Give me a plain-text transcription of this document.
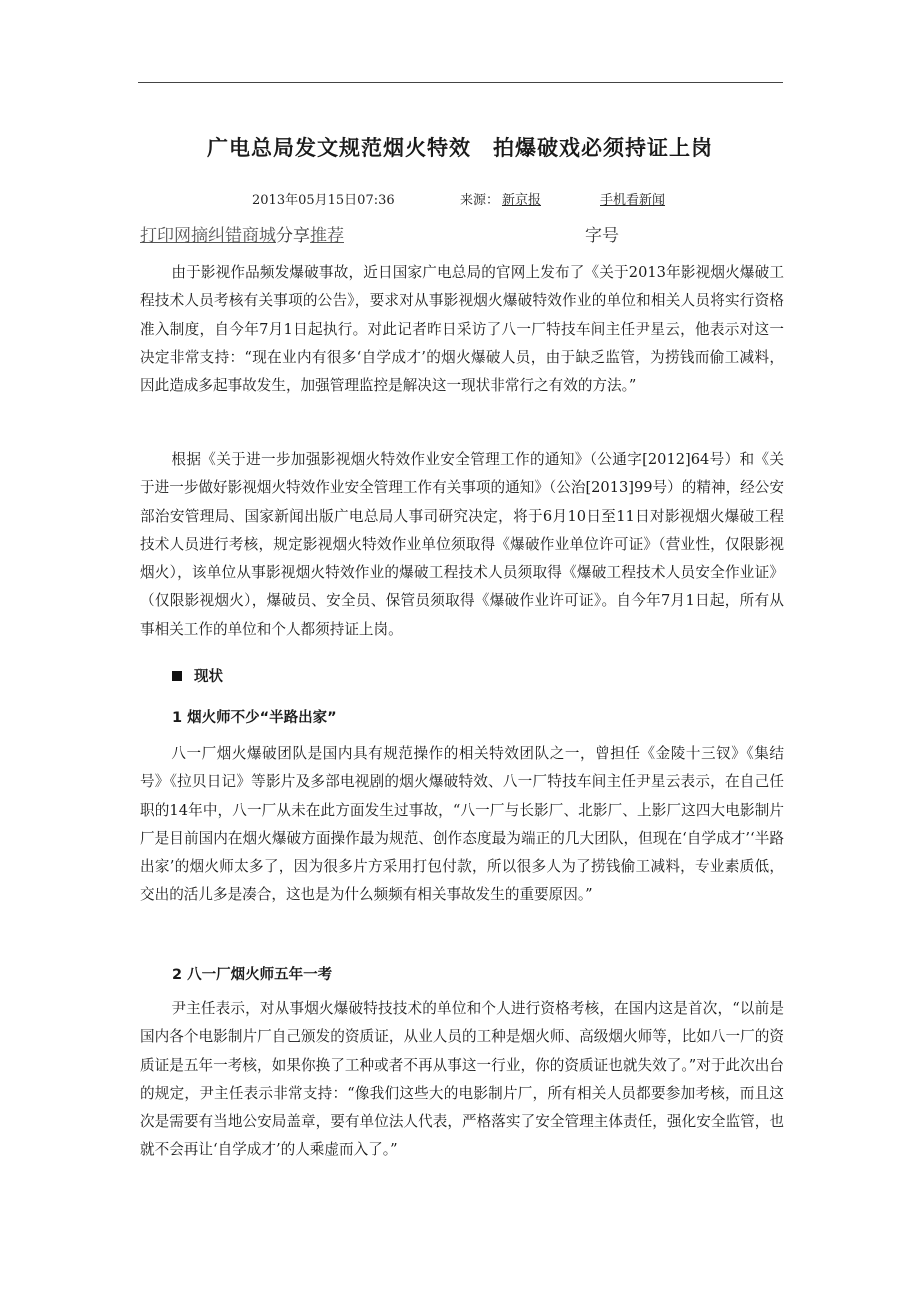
广电总局发文规范烟火特效　拍爆破戏必须持证上岗
2013年05月15日07:36	来源： 新京报	手机看新闻
打印网摘纠错商城分享推荐	字号

由于影视作品频发爆破事故，近日国家广电总局的官网上发布了《关于2013年影视烟火爆破工程技术人员考核有关事项的公告》，要求对从事影视烟火爆破特效作业的单位和相关人员将实行资格准入制度，自今年7月1日起执行。对此记者昨日采访了八一厂特技车间主任尹星云，他表示对这一决定非常支持：“现在业内有很多‘自学成才’的烟火爆破人员，由于缺乏监管，为捞钱而偷工减料，因此造成多起事故发生，加强管理监控是解决这一现状非常行之有效的方法。”

根据《关于进一步加强影视烟火特效作业安全管理工作的通知》（公通字[2012]64号）和《关于进一步做好影视烟火特效作业安全管理工作有关事项的通知》（公治[2013]99号）的精神，经公安部治安管理局、国家新闻出版广电总局人事司研究决定，将于6月10日至11日对影视烟火爆破工程技术人员进行考核，规定影视烟火特效作业单位须取得《爆破作业单位许可证》（营业性，仅限影视烟火），该单位从事影视烟火特效作业的爆破工程技术人员须取得《爆破工程技术人员安全作业证》（仅限影视烟火），爆破员、安全员、保管员须取得《爆破作业许可证》。自今年7月1日起，所有从事相关工作的单位和个人都须持证上岗。

现状

1 烟火师不少“半路出家”

八一厂烟火爆破团队是国内具有规范操作的相关特效团队之一，曾担任《金陵十三钗》《集结号》《拉贝日记》等影片及多部电视剧的烟火爆破特效、八一厂特技车间主任尹星云表示，在自己任职的14年中，八一厂从未在此方面发生过事故，“八一厂与长影厂、北影厂、上影厂这四大电影制片厂是目前国内在烟火爆破方面操作最为规范、创作态度最为端正的几大团队，但现在‘自学成才’‘半路出家’的烟火师太多了，因为很多片方采用打包付款，所以很多人为了捞钱偷工减料，专业素质低，交出的活儿多是凑合，这也是为什么频频有相关事故发生的重要原因。”

2 八一厂烟火师五年一考

尹主任表示，对从事烟火爆破特技技术的单位和个人进行资格考核，在国内这是首次，“以前是国内各个电影制片厂自己颁发的资质证，从业人员的工种是烟火师、高级烟火师等，比如八一厂的资质证是五年一考核，如果你换了工种或者不再从事这一行业，你的资质证也就失效了。”对于此次出台的规定，尹主任表示非常支持：“像我们这些大的电影制片厂，所有相关人员都要参加考核，而且这次是需要有当地公安局盖章，要有单位法人代表，严格落实了安全管理主体责任，强化安全监管，也就不会再让‘自学成才’的人乘虚而入了。”
